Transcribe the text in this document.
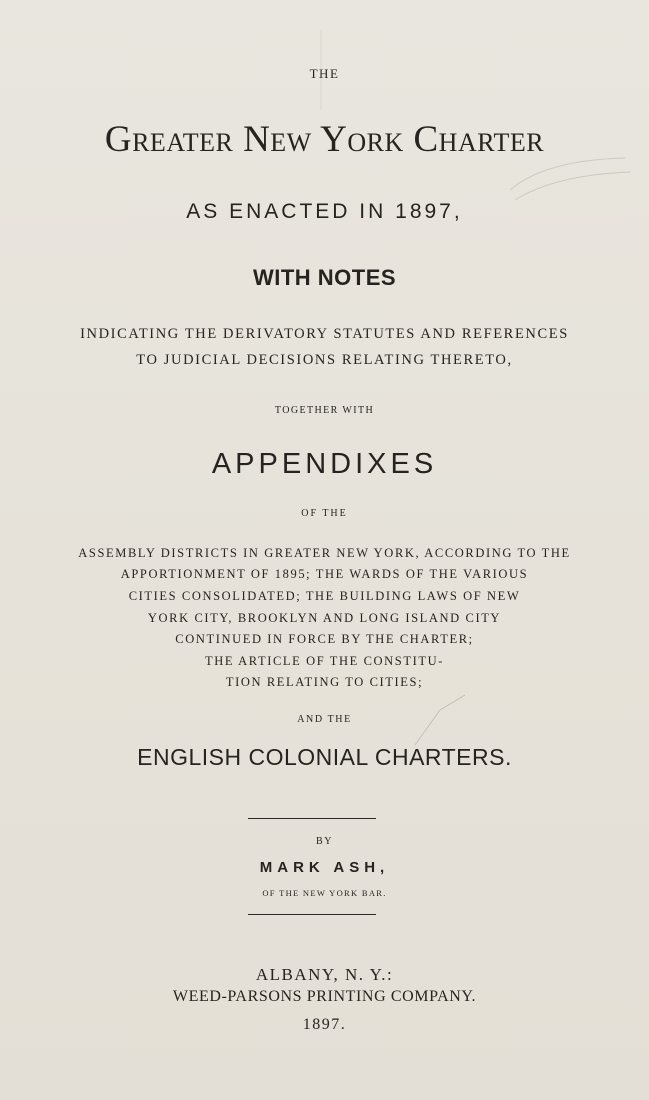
THE
Greater New York Charter
AS ENACTED IN 1897,
WITH NOTES
INDICATING THE DERIVATORY STATUTES AND REFERENCES
TO JUDICIAL DECISIONS RELATING THERETO,
TOGETHER WITH
APPENDIXES
OF THE
ASSEMBLY DISTRICTS IN GREATER NEW YORK, ACCORDING TO THE
APPORTIONMENT OF 1895; THE WARDS OF THE VARIOUS
CITIES CONSOLIDATED; THE BUILDING LAWS OF NEW
YORK CITY, BROOKLYN AND LONG ISLAND CITY
CONTINUED IN FORCE BY THE CHARTER;
THE ARTICLE OF THE CONSTITU-
TION RELATING TO CITIES;
AND THE
ENGLISH COLONIAL CHARTERS.
BY
MARK ASH,
OF THE NEW YORK BAR.
ALBANY, N. Y.:
WEED-PARSONS PRINTING COMPANY.
1897.
